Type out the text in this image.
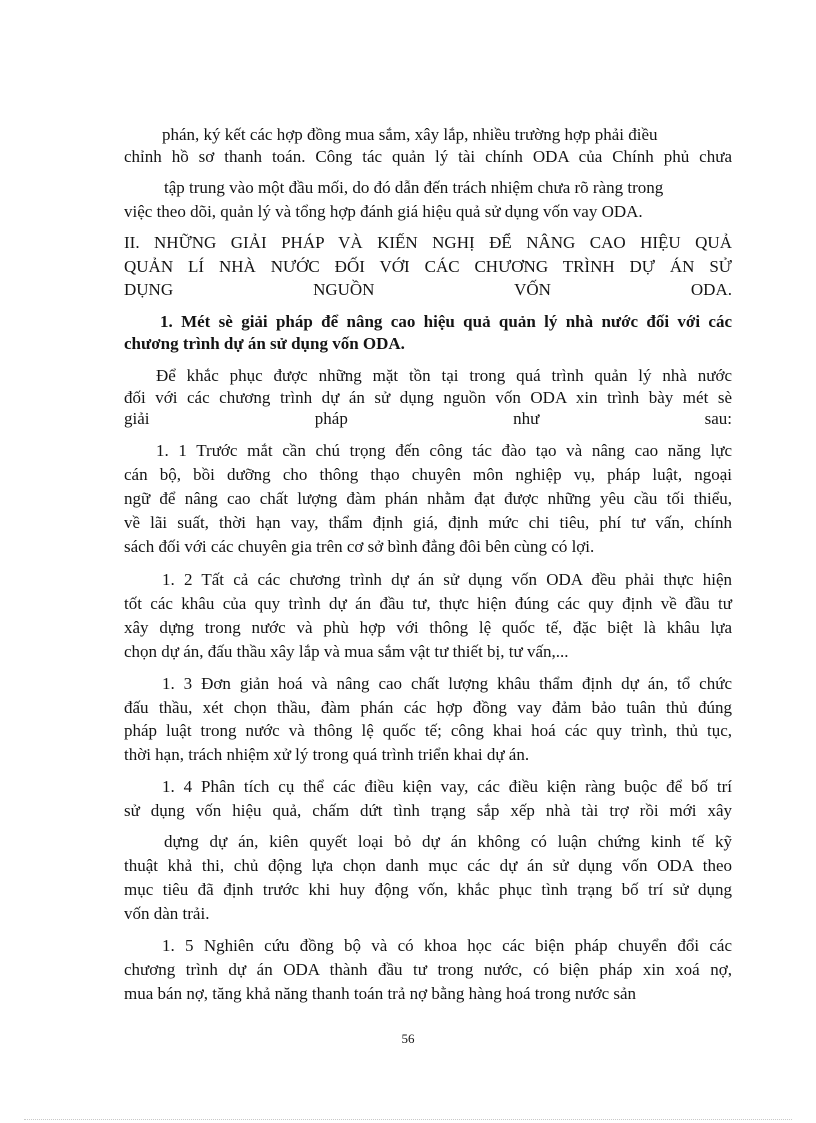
phán, ký kết các hợp đồng mua sắm, xây lắp, nhiều trường hợp phải điều
chỉnh hồ sơ thanh toán. Công tác quản lý tài chính ODA của Chính phủ chưa
tập trung vào một đầu mối, do đó dẫn đến trách nhiệm chưa rõ ràng trong
việc theo dõi, quản lý và tổng hợp đánh giá hiệu quả sử dụng vốn vay ODA.
II. NHỮNG GIẢI PHÁP VÀ KIẾN NGHỊ ĐỂ NÂNG CAO HIỆU QUẢ
QUẢN LÍ NHÀ NƯỚC ĐỐI VỚI CÁC CHƯƠNG TRÌNH DỰ ÁN SỬ
DỤNG NGUỒN VỐN ODA.
1. Mét sè giải pháp để nâng cao hiệu quả quản lý nhà nước đối với các
chương trình dự án sử dụng vốn ODA.
Để khắc phục được những mặt tồn tại trong quá trình quản lý nhà nước
đối với các chương trình dự án sử dụng nguồn vốn ODA xin trình bày mét sè
giải pháp như sau:
1. 1 Trước mắt cần chú trọng đến công tác đào tạo và nâng cao năng lực
cán bộ, bồi dưỡng cho thông thạo chuyên môn nghiệp vụ, pháp luật, ngoại
ngữ để nâng cao chất lượng đàm phán nhằm đạt được những yêu cầu tối thiểu,
về lãi suất, thời hạn vay, thẩm định giá, định mức chi tiêu, phí tư vấn, chính
sách đối với các chuyên gia trên cơ sở bình đẳng đôi bên cùng có lợi.
1. 2 Tất cả các chương trình dự án sử dụng vốn ODA đều phải thực hiện
tốt các khâu của quy trình dự án đầu tư, thực hiện đúng các quy định về đầu tư
xây dựng trong nước và phù hợp với thông lệ quốc tế, đặc biệt là khâu lựa
chọn dự án, đấu thầu xây lắp và mua sắm vật tư thiết bị, tư vấn,...
1. 3 Đơn giản hoá và nâng cao chất lượng khâu thẩm định dự án, tổ chức
đấu thầu, xét chọn thầu, đàm phán các hợp đồng vay đảm bảo tuân thủ đúng
pháp luật trong nước và thông lệ quốc tế; công khai hoá các quy trình, thủ tục,
thời hạn, trách nhiệm xử lý trong quá trình triển khai dự án.
1. 4 Phân tích cụ thể các điều kiện vay, các điều kiện ràng buộc để bố trí
sử dụng vốn hiệu quả, chấm dứt tình trạng sắp xếp nhà tài trợ rồi mới xây
dựng dự án, kiên quyết loại bỏ dự án không có luận chứng kinh tế kỹ
thuật khả thi, chủ động lựa chọn danh mục các dự án sử dụng vốn ODA theo
mục tiêu đã định trước khi huy động vốn, khắc phục tình trạng bố trí sử dụng
vốn dàn trải.
1. 5 Nghiên cứu đồng bộ và có khoa học các biện pháp chuyển đổi các
chương trình dự án ODA thành đầu tư trong nước, có biện pháp xin xoá nợ,
mua bán nợ, tăng khả năng thanh toán trả nợ bằng hàng hoá trong nước sản
56
